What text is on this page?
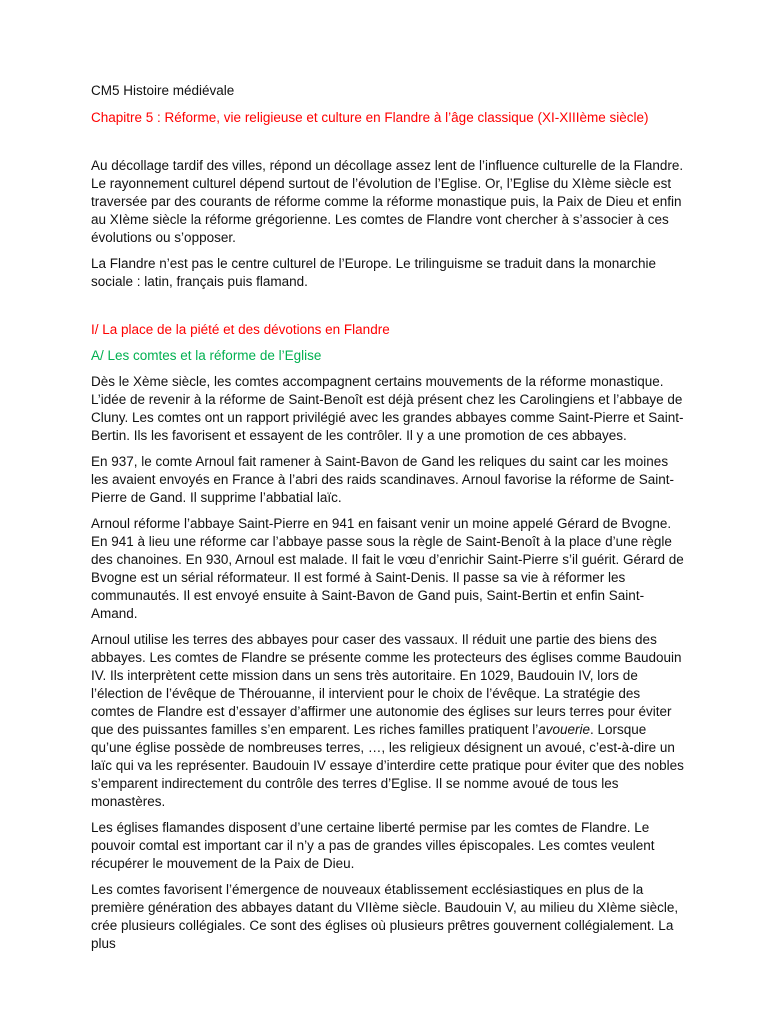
CM5 Histoire médiévale

Chapitre 5 : Réforme, vie religieuse et culture en Flandre à l’âge classique (XI-XIIIème siècle)

Au décollage tardif des villes, répond un décollage assez lent de l’influence culturelle de la Flandre. Le rayonnement culturel dépend surtout de l’évolution de l’Eglise. Or, l’Eglise du XIème siècle est traversée par des courants de réforme comme la réforme monastique puis, la Paix de Dieu et enfin au XIème siècle la réforme grégorienne. Les comtes de Flandre vont chercher à s’associer à ces évolutions ou s’opposer.

La Flandre n’est pas le centre culturel de l’Europe. Le trilinguisme se traduit dans la monarchie sociale : latin, français puis flamand.

I/ La place de la piété et des dévotions en Flandre

A/ Les comtes et la réforme de l’Eglise

Dès le Xème siècle, les comtes accompagnent certains mouvements de la réforme monastique. L’idée de revenir à la réforme de Saint-Benoît est déjà présent chez les Carolingiens et l’abbaye de Cluny. Les comtes ont un rapport privilégié avec les grandes abbayes comme Saint-Pierre et Saint-Bertin. Ils les favorisent et essayent de les contrôler. Il y a une promotion de ces abbayes.

En 937, le comte Arnoul fait ramener à Saint-Bavon de Gand les reliques du saint car les moines les avaient envoyés en France à l’abri des raids scandinaves. Arnoul favorise la réforme de Saint-Pierre de Gand. Il supprime l’abbatial laïc.

Arnoul réforme l’abbaye Saint-Pierre en 941 en faisant venir un moine appelé Gérard de Bvogne. En 941 à lieu une réforme car l’abbaye passe sous la règle de Saint-Benoît à la place d’une règle des chanoines. En 930, Arnoul est malade. Il fait le vœu d’enrichir Saint-Pierre s’il guérit. Gérard de Bvogne est un sérial réformateur. Il est formé à Saint-Denis. Il passe sa vie à réformer les communautés. Il est envoyé ensuite à Saint-Bavon de Gand puis, Saint-Bertin et enfin Saint-Amand.

Arnoul utilise les terres des abbayes pour caser des vassaux. Il réduit une partie des biens des abbayes. Les comtes de Flandre se présente comme les protecteurs des églises comme Baudouin IV. Ils interprètent cette mission dans un sens très autoritaire. En 1029, Baudouin IV, lors de l’élection de l’évêque de Thérouanne, il intervient pour le choix de l’évêque. La stratégie des comtes de Flandre est d’essayer d’affirmer une autonomie des églises sur leurs terres pour éviter que des puissantes familles s’en emparent. Les riches familles pratiquent l’avouerie. Lorsque qu’une église possède de nombreuses terres, …, les religieux désignent un avoué, c’est-à-dire un laïc qui va les représenter. Baudouin IV essaye d’interdire cette pratique pour éviter que des nobles s’emparent indirectement du contrôle des terres d’Eglise. Il se nomme avoué de tous les monastères.

Les églises flamandes disposent d’une certaine liberté permise par les comtes de Flandre. Le pouvoir comtal est important car il n’y a pas de grandes villes épiscopales. Les comtes veulent récupérer le mouvement de la Paix de Dieu.

Les comtes favorisent l’émergence de nouveaux établissement ecclésiastiques en plus de la première génération des abbayes datant du VIIème siècle. Baudouin V, au milieu du XIème siècle, crée plusieurs collégiales. Ce sont des églises où plusieurs prêtres gouvernent collégialement. La plus
